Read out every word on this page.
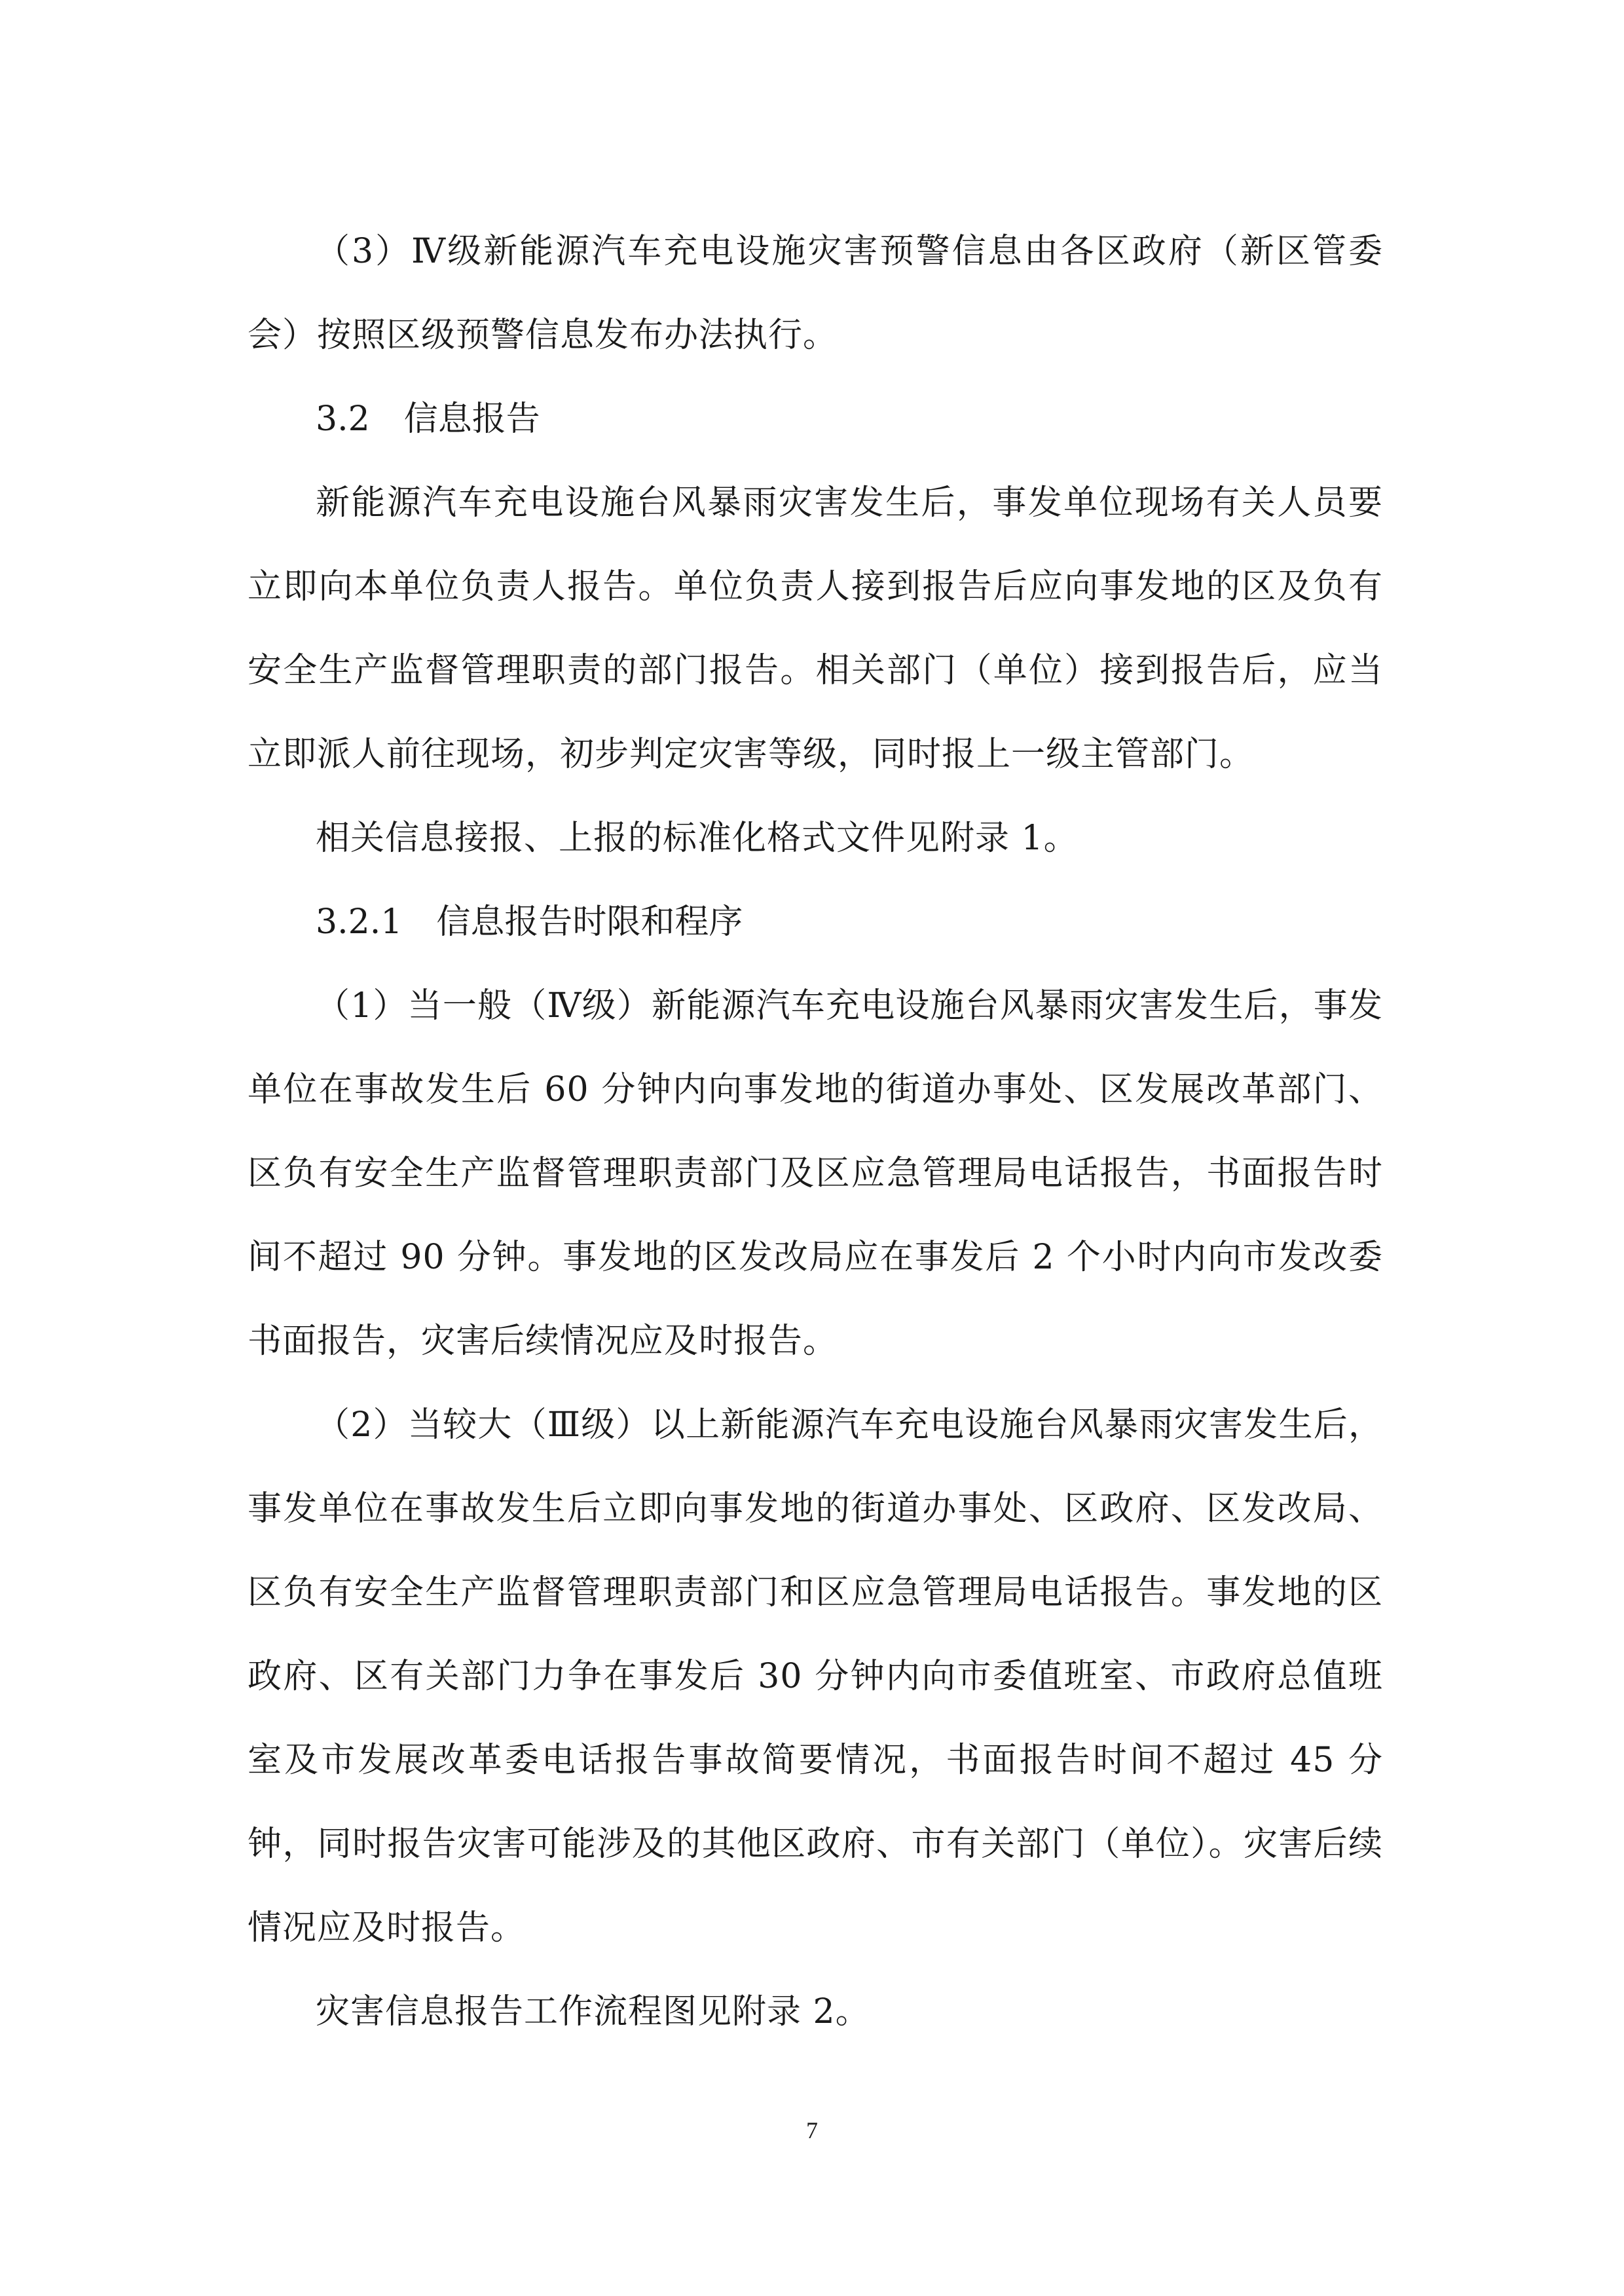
（3）Ⅳ级新能源汽车充电设施灾害预警信息由各区政府（新区管委会）按照区级预警信息发布办法执行。

3.2 信息报告

新能源汽车充电设施台风暴雨灾害发生后，事发单位现场有关人员要立即向本单位负责人报告。单位负责人接到报告后应向事发地的区及负有安全生产监督管理职责的部门报告。相关部门（单位）接到报告后，应当立即派人前往现场，初步判定灾害等级，同时报上一级主管部门。

相关信息接报、上报的标准化格式文件见附录 1。

3.2.1 信息报告时限和程序

（1）当一般（Ⅳ级）新能源汽车充电设施台风暴雨灾害发生后，事发单位在事故发生后 60 分钟内向事发地的街道办事处、区发展改革部门、区负有安全生产监督管理职责部门及区应急管理局电话报告，书面报告时间不超过 90 分钟。事发地的区发改局应在事发后 2 个小时内向市发改委书面报告，灾害后续情况应及时报告。

（2）当较大（Ⅲ级）以上新能源汽车充电设施台风暴雨灾害发生后，事发单位在事故发生后立即向事发地的街道办事处、区政府、区发改局、区负有安全生产监督管理职责部门和区应急管理局电话报告。事发地的区政府、区有关部门力争在事发后 30 分钟内向市委值班室、市政府总值班室及市发展改革委电话报告事故简要情况，书面报告时间不超过 45 分钟，同时报告灾害可能涉及的其他区政府、市有关部门（单位）。灾害后续情况应及时报告。

灾害信息报告工作流程图见附录 2。

7
